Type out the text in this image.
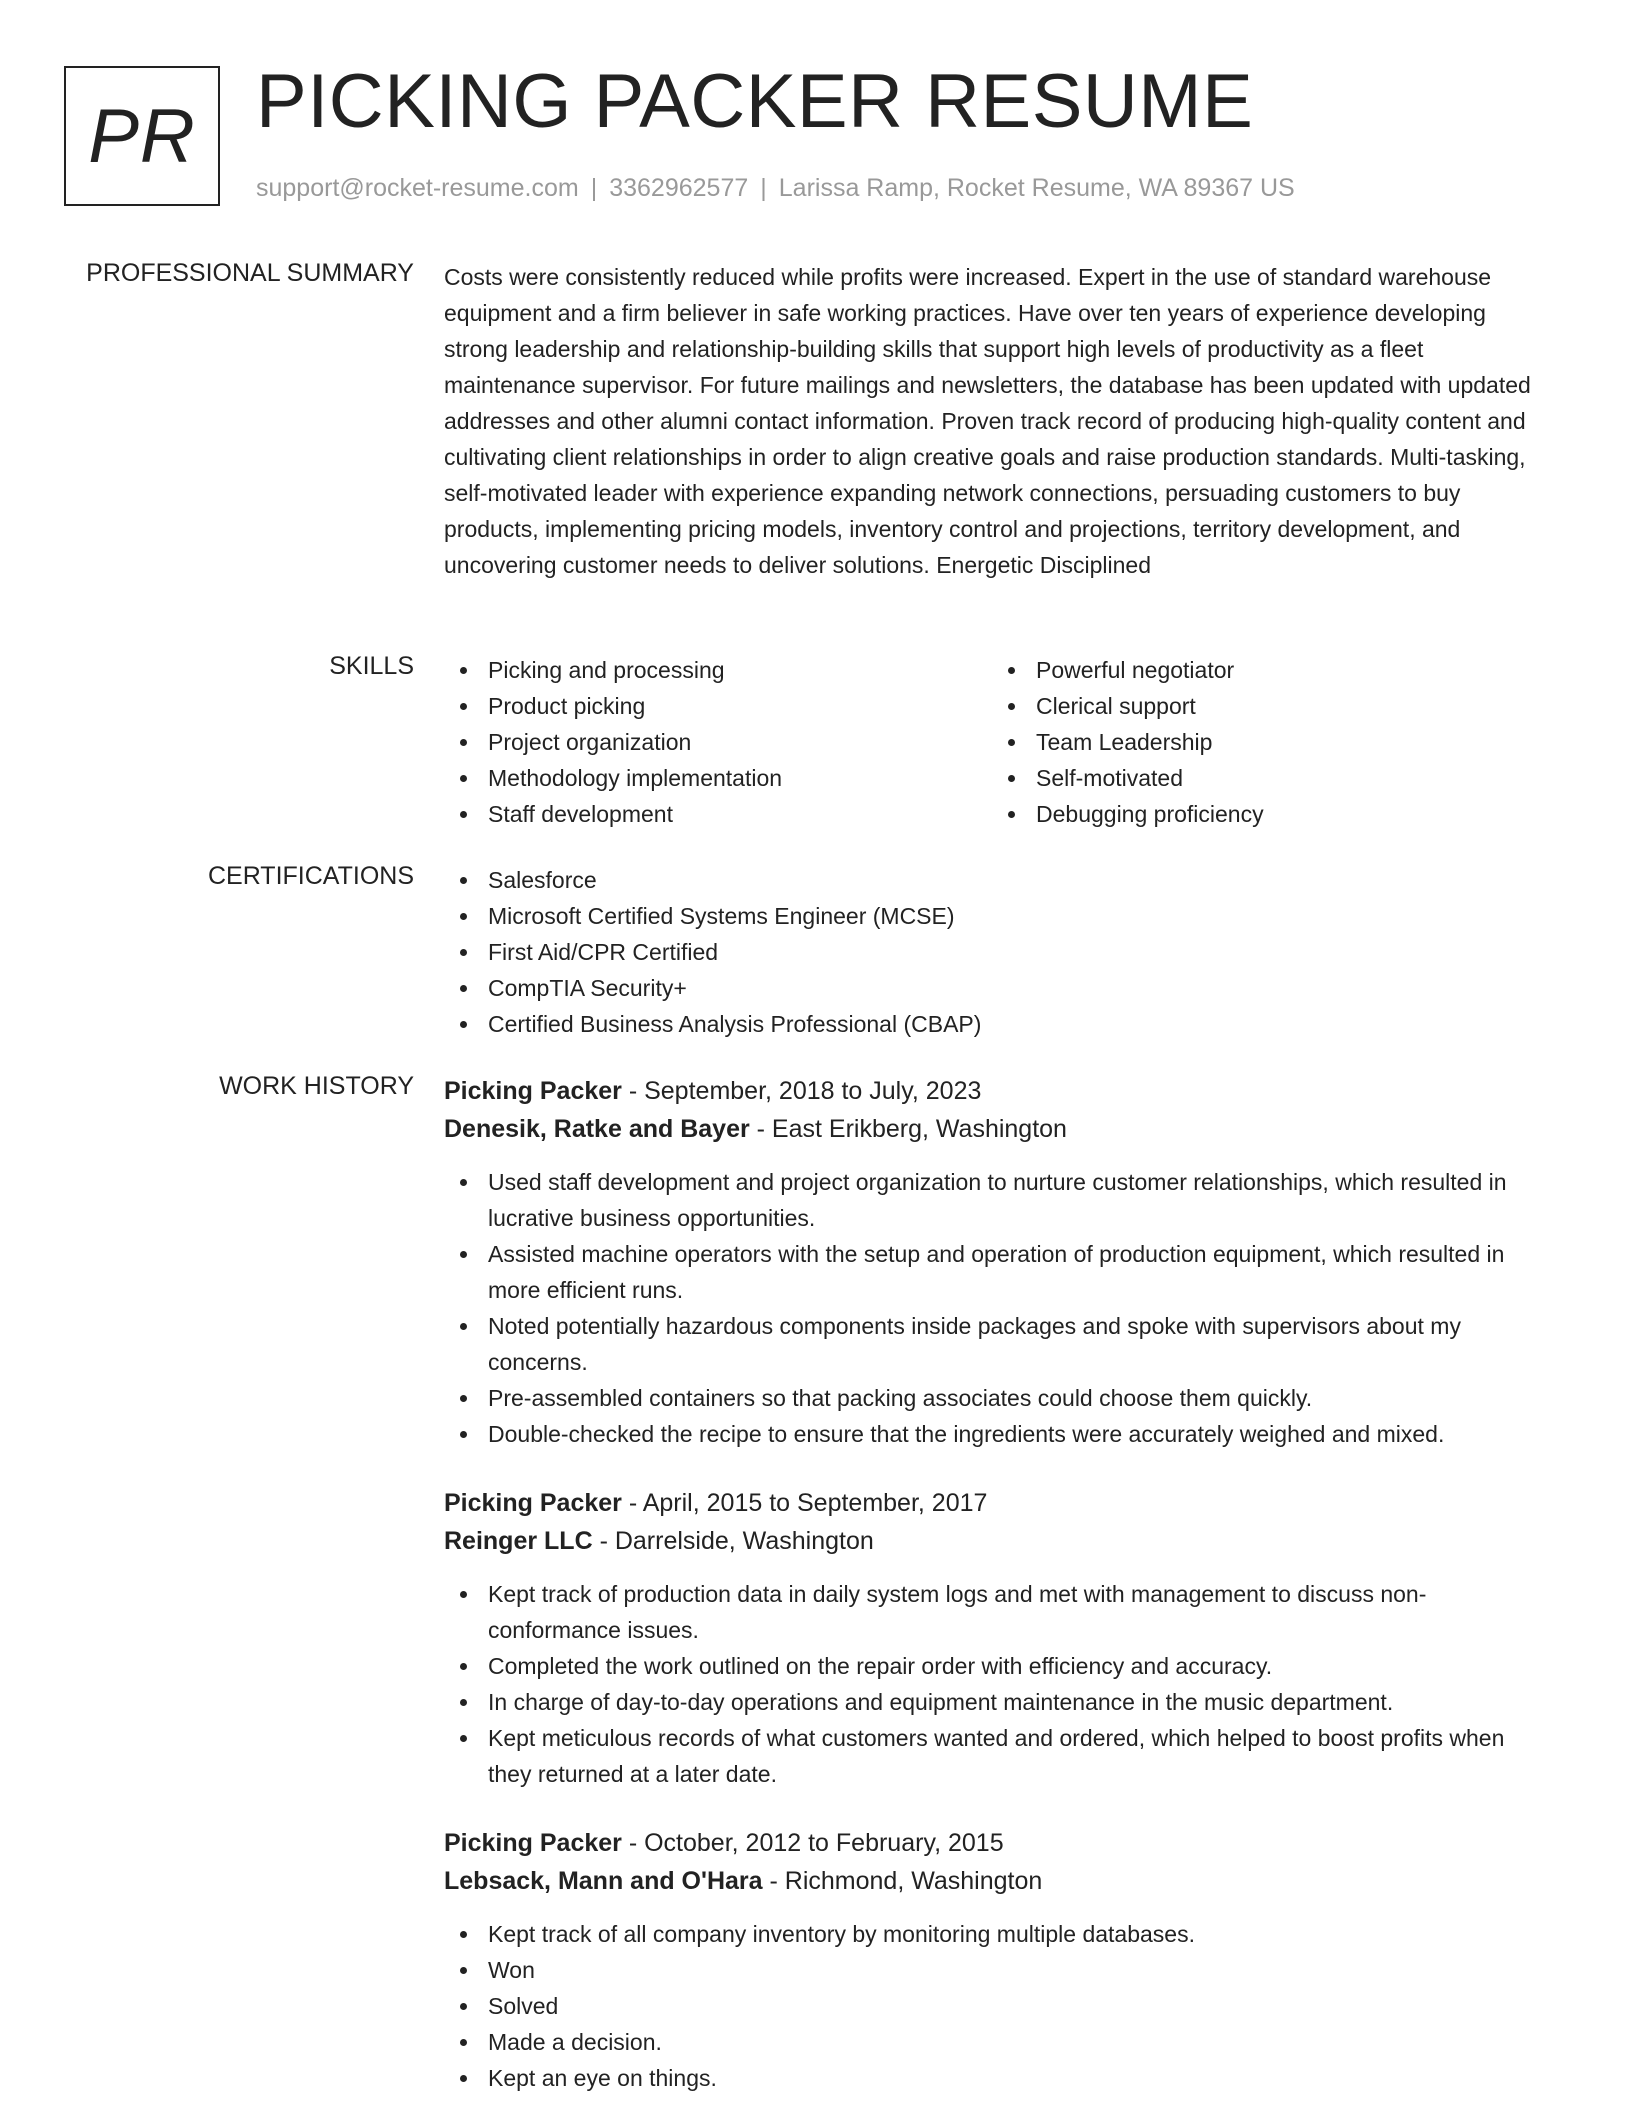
PR PICKING PACKER RESUME
support@rocket-resume.com | 3362962577 | Larissa Ramp, Rocket Resume, WA 89367 US
PROFESSIONAL SUMMARY Costs were consistently reduced while profits were increased. Expert in the use of standard warehouse equipment and a firm believer in safe working practices. Have over ten years of experience developing strong leadership and relationship-building skills that support high levels of productivity as a fleet maintenance supervisor. For future mailings and newsletters, the database has been updated with updated addresses and other alumni contact information. Proven track record of producing high-quality content and cultivating client relationships in order to align creative goals and raise production standards. Multi-tasking, self-motivated leader with experience expanding network connections, persuading customers to buy products, implementing pricing models, inventory control and projections, territory development, and uncovering customer needs to deliver solutions. Energetic Disciplined

SKILLS	Picking and processing
Product picking
Project organization
Methodology implementation
Staff development
Powerful negotiator
Clerical support
Team Leadership
Self-motivated
Debugging proficiency
CERTIFICATIONS	Salesforce
Microsoft Certified Systems Engineer (MCSE)
First Aid/CPR Certified
CompTIA Security+
Certified Business Analysis Professional (CBAP)
WORK HISTORY Picking Packer - September, 2018 to July, 2023
Denesik, Ratke and Bayer - East Erikberg, Washington
Used staff development and project organization to nurture customer relationships, which resulted in lucrative business opportunities.
Assisted machine operators with the setup and operation of production equipment, which resulted in more efficient runs.
Noted potentially hazardous components inside packages and spoke with supervisors about my concerns.
Pre-assembled containers so that packing associates could choose them quickly.
Double-checked the recipe to ensure that the ingredients were accurately weighed and mixed.
Picking Packer - April, 2015 to September, 2017
Reinger LLC - Darrelside, Washington
Kept track of production data in daily system logs and met with management to discuss non-conformance issues.
Completed the work outlined on the repair order with efficiency and accuracy.
In charge of day-to-day operations and equipment maintenance in the music department.
Kept meticulous records of what customers wanted and ordered, which helped to boost profits when they returned at a later date.
Picking Packer - October, 2012 to February, 2015
Lebsack, Mann and O'Hara - Richmond, Washington
Kept track of all company inventory by monitoring multiple databases.
Won
Solved
Made a decision.
Kept an eye on things.
